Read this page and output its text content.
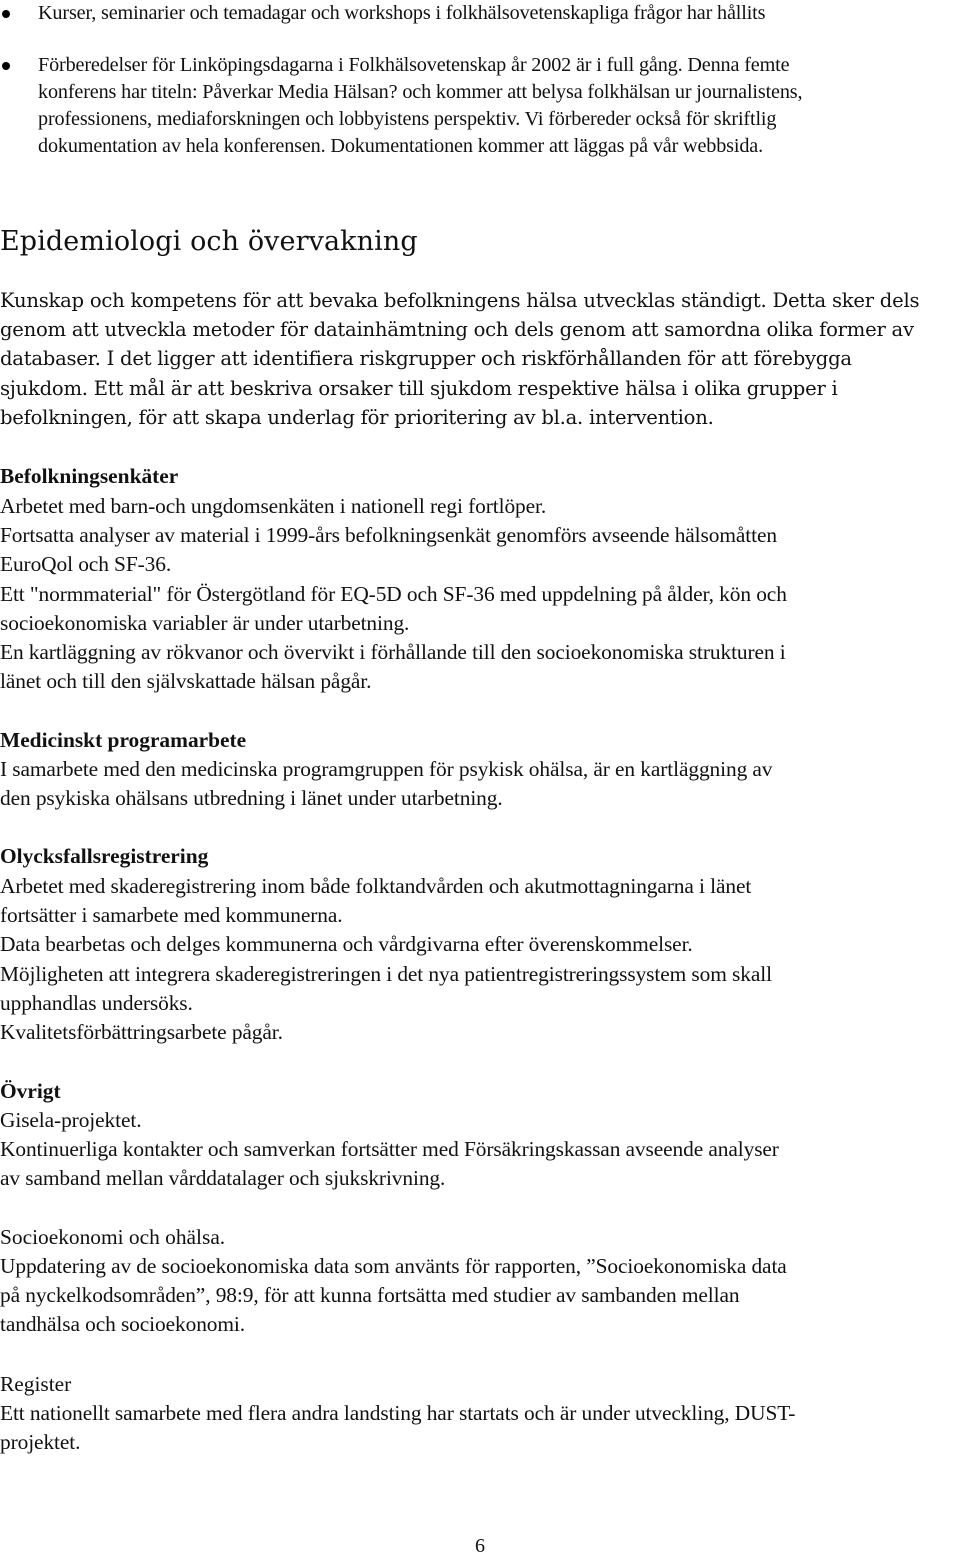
Kurser, seminarier och temadagar och workshops i folkhälsovetenskapliga frågor har hållits
Förberedelser för Linköpingsdagarna i Folkhälsovetenskap år 2002 är i full gång. Denna femte
konferens har titeln: Påverkar Media Hälsan? och kommer att belysa folkhälsan ur journalistens,
professionens, mediaforskningen och lobbyistens perspektiv. Vi förbereder också för skriftlig
dokumentation av hela konferensen. Dokumentationen kommer att läggas på vår webbsida.
Epidemiologi och övervakning

Kunskap och kompetens för att bevaka befolkningens hälsa utvecklas ständigt. Detta sker dels
genom att utveckla metoder för datainhämtning och dels genom att samordna olika former av
databaser. I det ligger att identifiera riskgrupper och riskförhållanden för att förebygga
sjukdom. Ett mål är att beskriva orsaker till sjukdom respektive hälsa i olika grupper i
befolkningen, för att skapa underlag för prioritering av bl.a. intervention.

Befolkningsenkäter

Arbetet med barn-och ungdomsenkäten i nationell regi fortlöper.
Fortsatta analyser av material i 1999-års befolkningsenkät genomförs avseende hälsomåtten
EuroQol och SF-36.
Ett "normmaterial" för Östergötland för EQ-5D och SF-36 med uppdelning på ålder, kön och
socioekonomiska variabler är under utarbetning.
En kartläggning av rökvanor och övervikt i förhållande till den socioekonomiska strukturen i
länet och till den självskattade hälsan pågår.

Medicinskt programarbete

I samarbete med den medicinska programgruppen för psykisk ohälsa, är en kartläggning av
den psykiska ohälsans utbredning i länet under utarbetning.

Olycksfallsregistrering

Arbetet med skaderegistrering inom både folktandvården och akutmottagningarna i länet
fortsätter i samarbete med kommunerna.
Data bearbetas och delges kommunerna och vårdgivarna efter överenskommelser.
Möjligheten att integrera skaderegistreringen i det nya patientregistreringssystem som skall
upphandlas undersöks.
Kvalitetsförbättringsarbete pågår.

Övrigt

Gisela-projektet.
Kontinuerliga kontakter och samverkan fortsätter med Försäkringskassan avseende analyser
av samband mellan vårddatalager och sjukskrivning.

Socioekonomi och ohälsa.

Uppdatering av de socioekonomiska data som använts för rapporten, ”Socioekonomiska data
på nyckelkodsområden”, 98:9, för att kunna fortsätta med studier av sambanden mellan
tandhälsa och socioekonomi.

Register

Ett nationellt samarbete med flera andra landsting har startats och är under utveckling, DUST-
projektet.

6
